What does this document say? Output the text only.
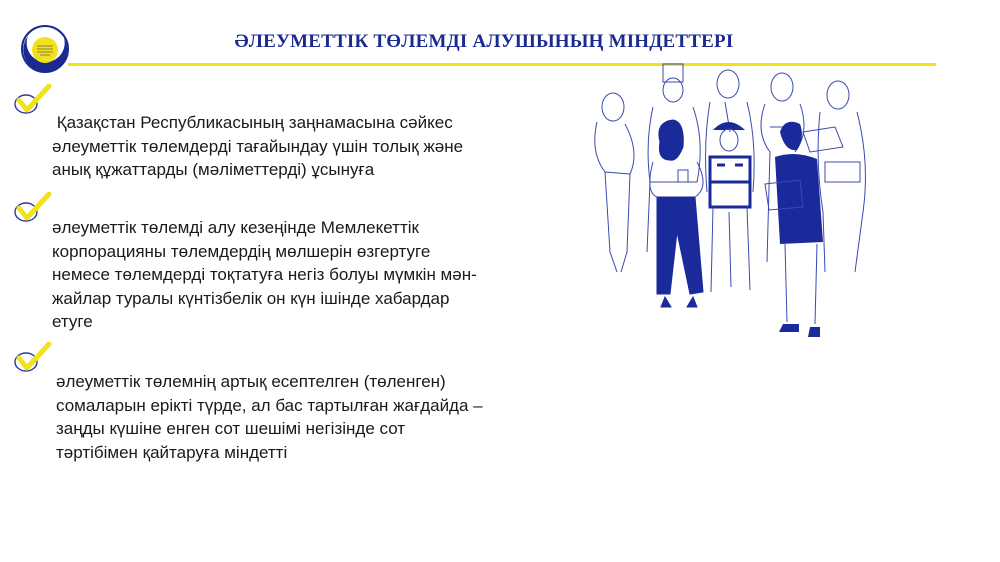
ӘЛЕУМЕТТІК ТӨЛЕМДІ АЛУШЫНЫҢ МІНДЕТТЕРІ
Қазақстан Республикасының заңнамасына сәйкес
әлеуметтік төлемдерді тағайындау үшін толық және
анық құжаттарды (мәліметтерді) ұсынуға
әлеуметтік төлемді алу кезеңінде Мемлекеттік
корпорацияны төлемдердің мөлшерін өзгертуге
немесе төлемдерді тоқтатуға негіз болуы мүмкін мән-
жайлар туралы күнтізбелік он күн ішінде хабардар
етуге
әлеуметтік төлемнің артық есептелген (төленген)
сомаларын ерікті түрде, ал бас тартылған жағдайда –
заңды күшіне енген сот шешімі негізінде сот
тәртібімен қайтаруға міндетті
